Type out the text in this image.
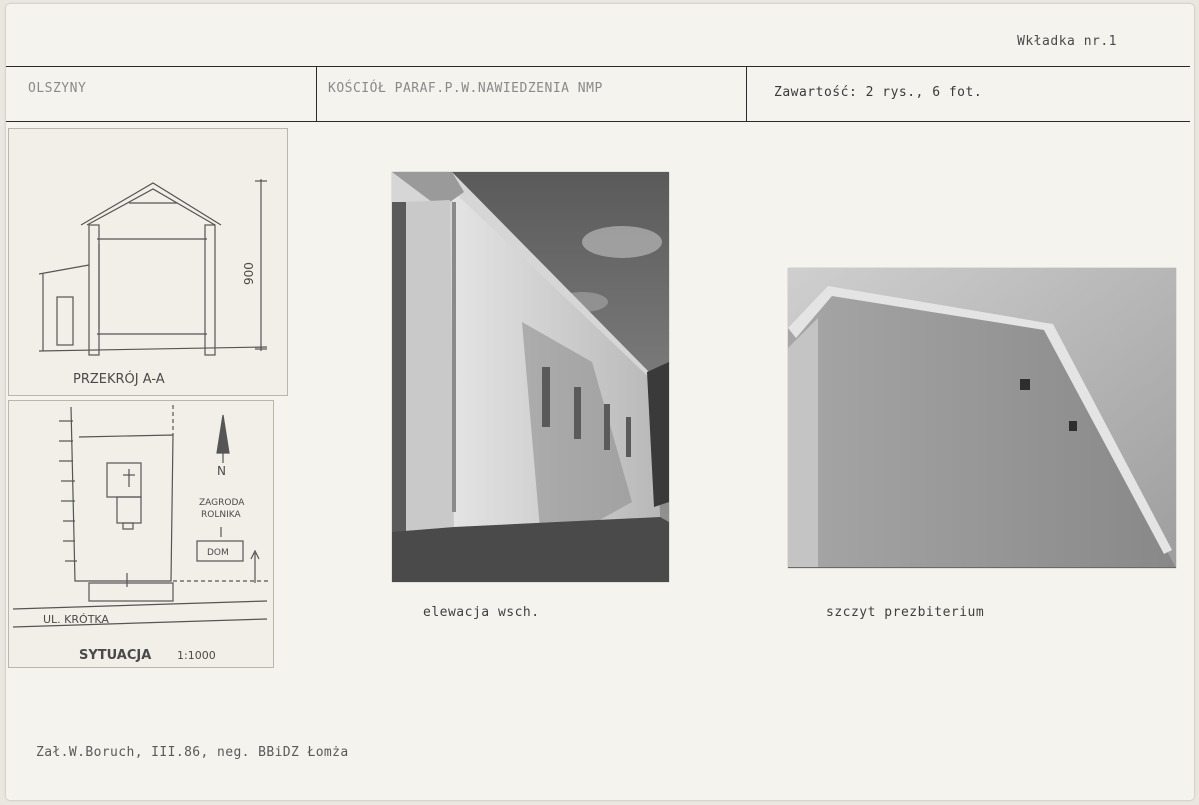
Wkładka nr.1
OLSZYNY	KOŚCIÓŁ PARAF.P.W.NAWIEDZENIA NMP	Zawartość: 2 rys., 6 fot.
PRZEKRÓJ A-A
900
N
ZAGRODA
ROLNIKA
DOM
UL. KRÓTKA
SYTUACJA 1:1000
elewacja wsch.	szczyt prezbiterium
Zał.W.Boruch, III.86, neg. BBiDZ Łomża
